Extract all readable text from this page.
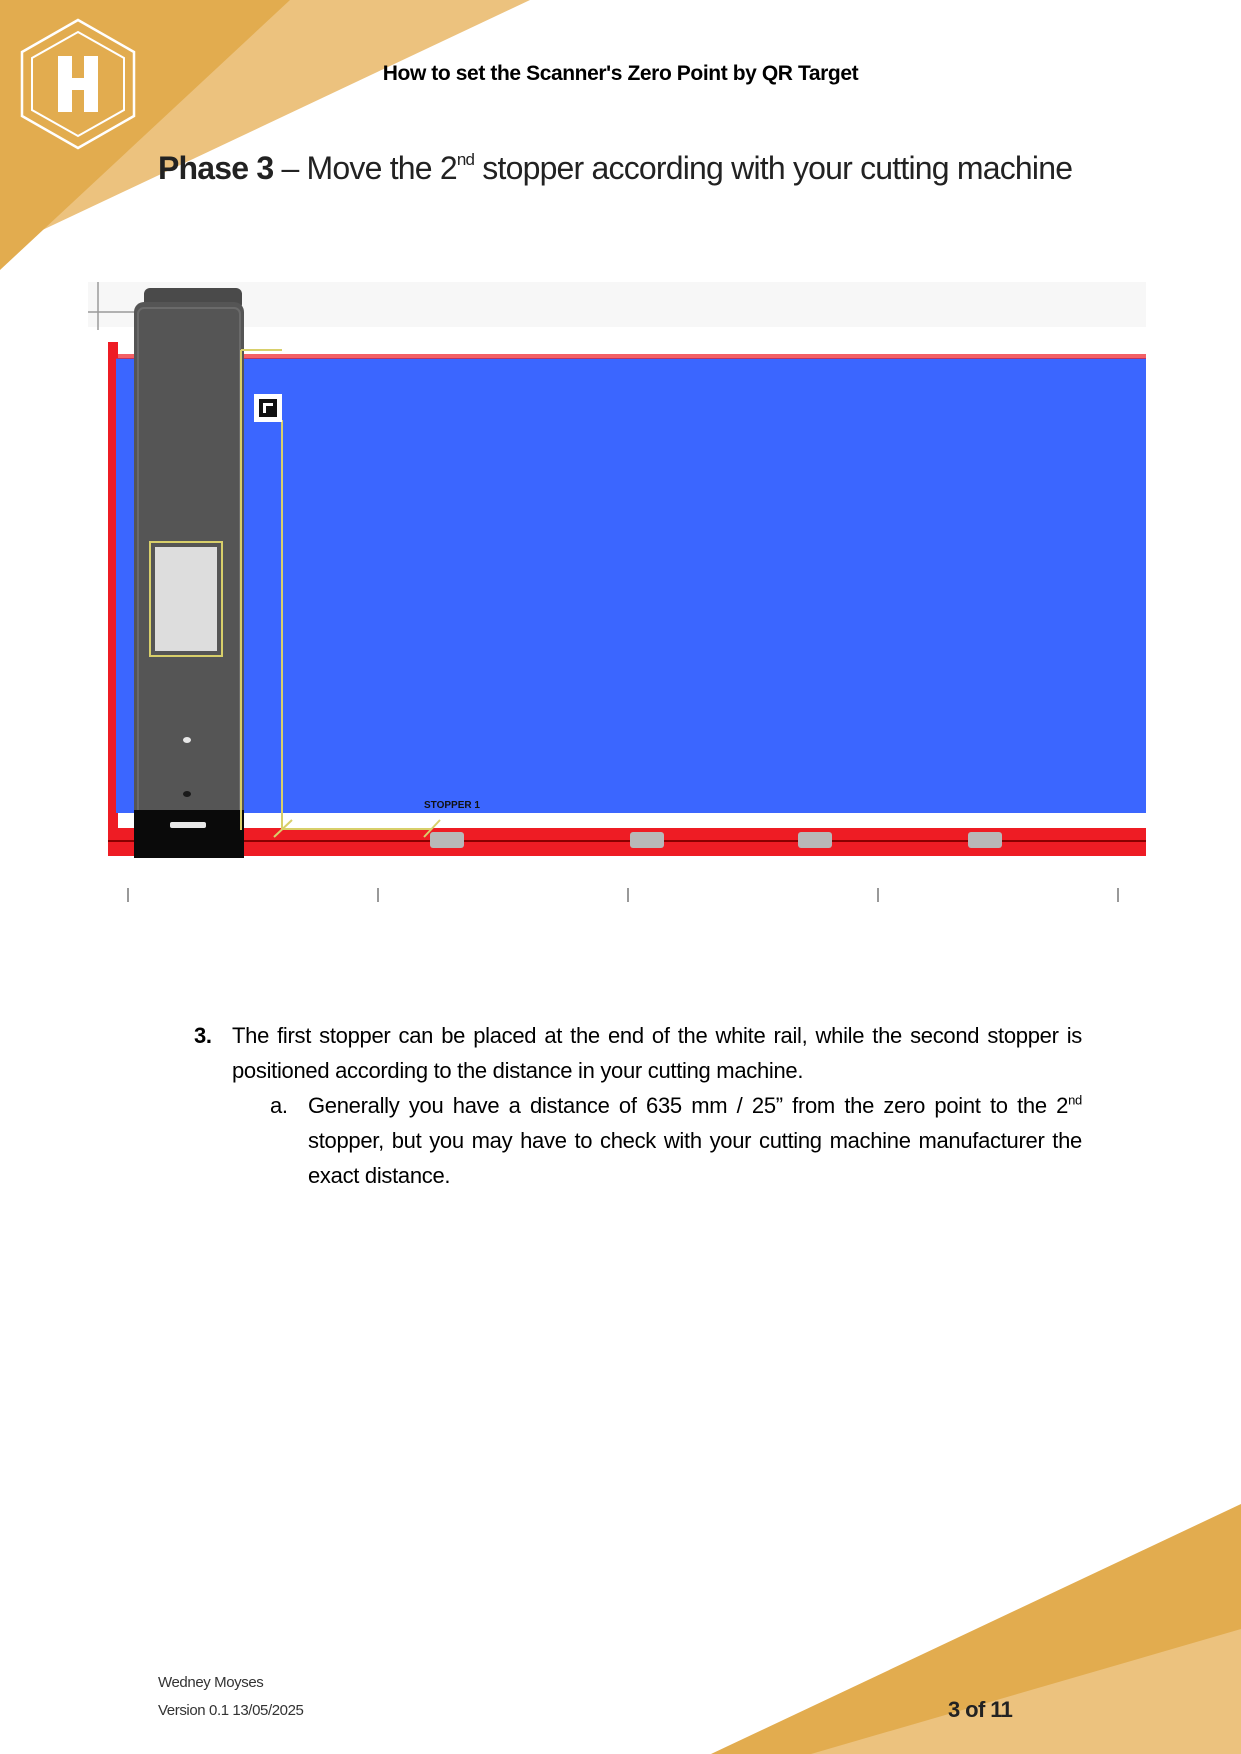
How to set the Scanner's Zero Point by QR Target
Phase 3 – Move the 2nd stopper according with your cutting machine
STOPPER 1
3. The first stopper can be placed at the end of the white rail, while the second stopper is positioned according to the distance in your cutting machine.
a. Generally you have a distance of 635 mm / 25” from the zero point to the 2nd stopper, but you may have to check with your cutting machine manufacturer the exact distance.
Wedney Moyses
Version 0.1 13/05/2025	3 of 11
